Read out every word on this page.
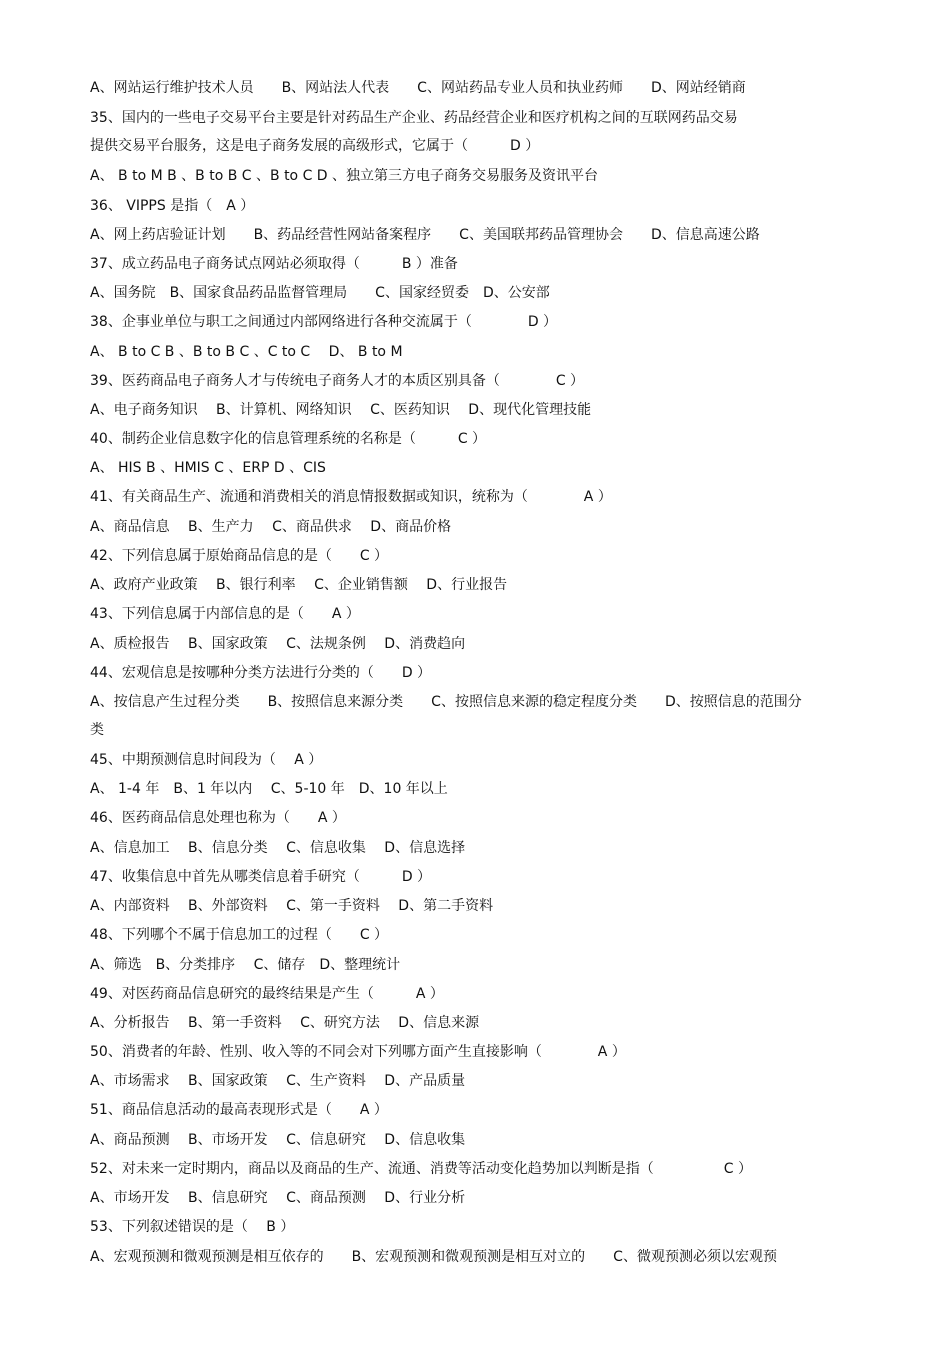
A、网站运行维护技术人员　　B、网站法人代表　　C、网站药品专业人员和执业药师　　D、网站经销商
35、国内的一些电子交易平台主要是针对药品生产企业、药品经营企业和医疗机构之间的互联网药品交易
提供交易平台服务，这是电子商务发展的高级形式，它属于（　　　D ）
A、 B to M B 、B to B C 、B to C D 、独立第三方电子商务交易服务及资讯平台
36、 VIPPS 是指（　A ）
A、网上药店验证计划　　B、药品经营性网站备案程序　　C、美国联邦药品管理协会　　D、信息高速公路
37、成立药品电子商务试点网站必须取得（　　　B ）准备
A、国务院　B、国家食品药品监督管理局　　C、国家经贸委　D、公安部
38、企事业单位与职工之间通过内部网络进行各种交流属于（　　　　D ）
A、 B to C B 、B to B C 、C to C　 D、 B to M
39、医药商品电子商务人才与传统电子商务人才的本质区别具备（　　　　C ）
A、电子商务知识　 B、计算机、网络知识　 C、医药知识　 D、现代化管理技能
40、制药企业信息数字化的信息管理系统的名称是（　　　C ）
A、 HIS B 、HMIS C 、ERP D 、CIS
41、有关商品生产、流通和消费相关的消息情报数据或知识，统称为（　　　　A ）
A、商品信息　 B、生产力　 C、商品供求　 D、商品价格
42、下列信息属于原始商品信息的是（　　C ）
A、政府产业政策　 B、银行利率　 C、企业销售额　 D、行业报告
43、下列信息属于内部信息的是（　　A ）
A、质检报告　 B、国家政策　 C、法规条例　 D、消费趋向
44、宏观信息是按哪种分类方法进行分类的（　　D ）
A、按信息产生过程分类　　B、按照信息来源分类　　C、按照信息来源的稳定程度分类　　D、按照信息的范围分
类
45、中期预测信息时间段为（　 A ）
A、 1-4 年　B、1 年以内　 C、5-10 年　D、10 年以上
46、医药商品信息处理也称为（　　A ）
A、信息加工　 B、信息分类　 C、信息收集　 D、信息选择
47、收集信息中首先从哪类信息着手研究（　　　D ）
A、内部资料　 B、外部资料　 C、第一手资料　 D、第二手资料
48、下列哪个不属于信息加工的过程（　　C ）
A、筛选　B、分类排序　 C、储存　D、整理统计
49、对医药商品信息研究的最终结果是产生（　　　A ）
A、分析报告　 B、第一手资料　 C、研究方法　 D、信息来源
50、消费者的年龄、性别、收入等的不同会对下列哪方面产生直接影响（　　　　A ）
A、市场需求　 B、国家政策　 C、生产资料　 D、产品质量
51、商品信息活动的最高表现形式是（　　A ）
A、商品预测　 B、市场开发　 C、信息研究　 D、信息收集
52、对未来一定时期内，商品以及商品的生产、流通、消费等活动变化趋势加以判断是指（　　　　　C ）
A、市场开发　 B、信息研究　 C、商品预测　 D、行业分析
53、下列叙述错误的是（　 B ）
A、宏观预测和微观预测是相互依存的　　B、宏观预测和微观预测是相互对立的　　C、微观预测必须以宏观预
